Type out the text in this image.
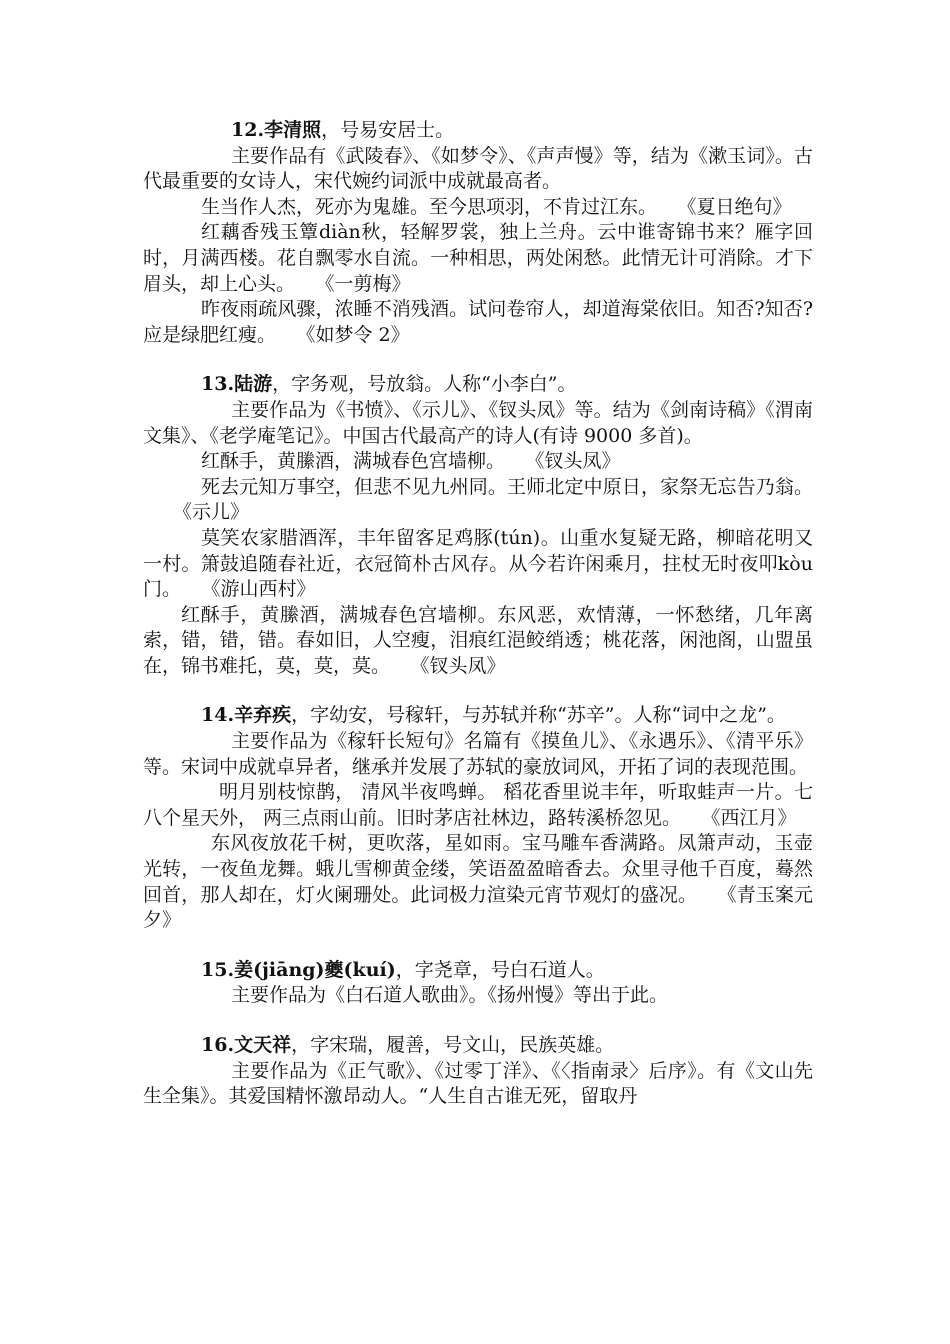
12.李清照，号易安居士。

主要作品有《武陵春》、《如梦令》、《声声慢》等，结为《漱玉词》。古代最重要的女诗人，宋代婉约词派中成就最高者。

生当作人杰，死亦为鬼雄。至今思项羽，不肯过江东。 《夏日绝句》

红藕香残玉簟diàn秋，轻解罗裳，独上兰舟。云中谁寄锦书来？雁字回时，月满西楼。花自飘零水自流。一种相思，两处闲愁。此情无计可消除。才下眉头，却上心头。 《一剪梅》

昨夜雨疏风骤，浓睡不消残酒。试问卷帘人，却道海棠依旧。知否?知否?应是绿肥红瘦。 《如梦令 2》

13.陆游，字务观，号放翁。人称“小李白”。

主要作品为《书愤》、《示儿》、《钗头凤》等。结为《剑南诗稿》《渭南文集》、《老学庵笔记》。中国古代最高产的诗人(有诗 9000 多首)。

红酥手，黄縢酒，满城春色宫墙柳。 《钗头凤》

死去元知万事空，但悲不见九州同。王师北定中原日，家祭无忘告乃翁。《示儿》

莫笑农家腊酒浑，丰年留客足鸡豚(tún)。山重水复疑无路，柳暗花明又一村。箫鼓追随春社近，衣冠简朴古风存。从今若许闲乘月，拄杖无时夜叩kòu门。 《游山西村》

红酥手，黄縢酒，满城春色宫墙柳。东风恶，欢情薄，一怀愁绪，几年离索，错，错，错。春如旧，人空瘦，泪痕红浥鲛绡透；桃花落，闲池阁，山盟虽在，锦书难托，莫，莫，莫。 《钗头凤》

14.辛弃疾，字幼安，号稼轩，与苏轼并称“苏辛”。人称“词中之龙”。

主要作品为《稼轩长短句》名篇有《摸鱼儿》、《永遇乐》、《清平乐》等。宋词中成就卓异者，继承并发展了苏轼的豪放词风，开拓了词的表现范围。

明月别枝惊鹊， 清风半夜鸣蝉。 稻花香里说丰年，听取蛙声一片。七八个星天外， 两三点雨山前。旧时茅店社林边，路转溪桥忽见。 《西江月》

东风夜放花千树，更吹落，星如雨。宝马雕车香满路。凤箫声动，玉壶光转，一夜鱼龙舞。蛾儿雪柳黄金缕，笑语盈盈暗香去。众里寻他千百度，蓦然回首，那人却在，灯火阑珊处。此词极力渲染元宵节观灯的盛况。 《青玉案元夕》

15.姜(jiāng)夔(kuí)，字尧章，号白石道人。

主要作品为《白石道人歌曲》。《扬州慢》等出于此。

16.文天祥，字宋瑞，履善，号文山，民族英雄。

主要作品为《正气歌》、《过零丁洋》、《〈指南录〉后序》。有《文山先生全集》。其爱国精怀激昂动人。“人生自古谁无死，留取丹
